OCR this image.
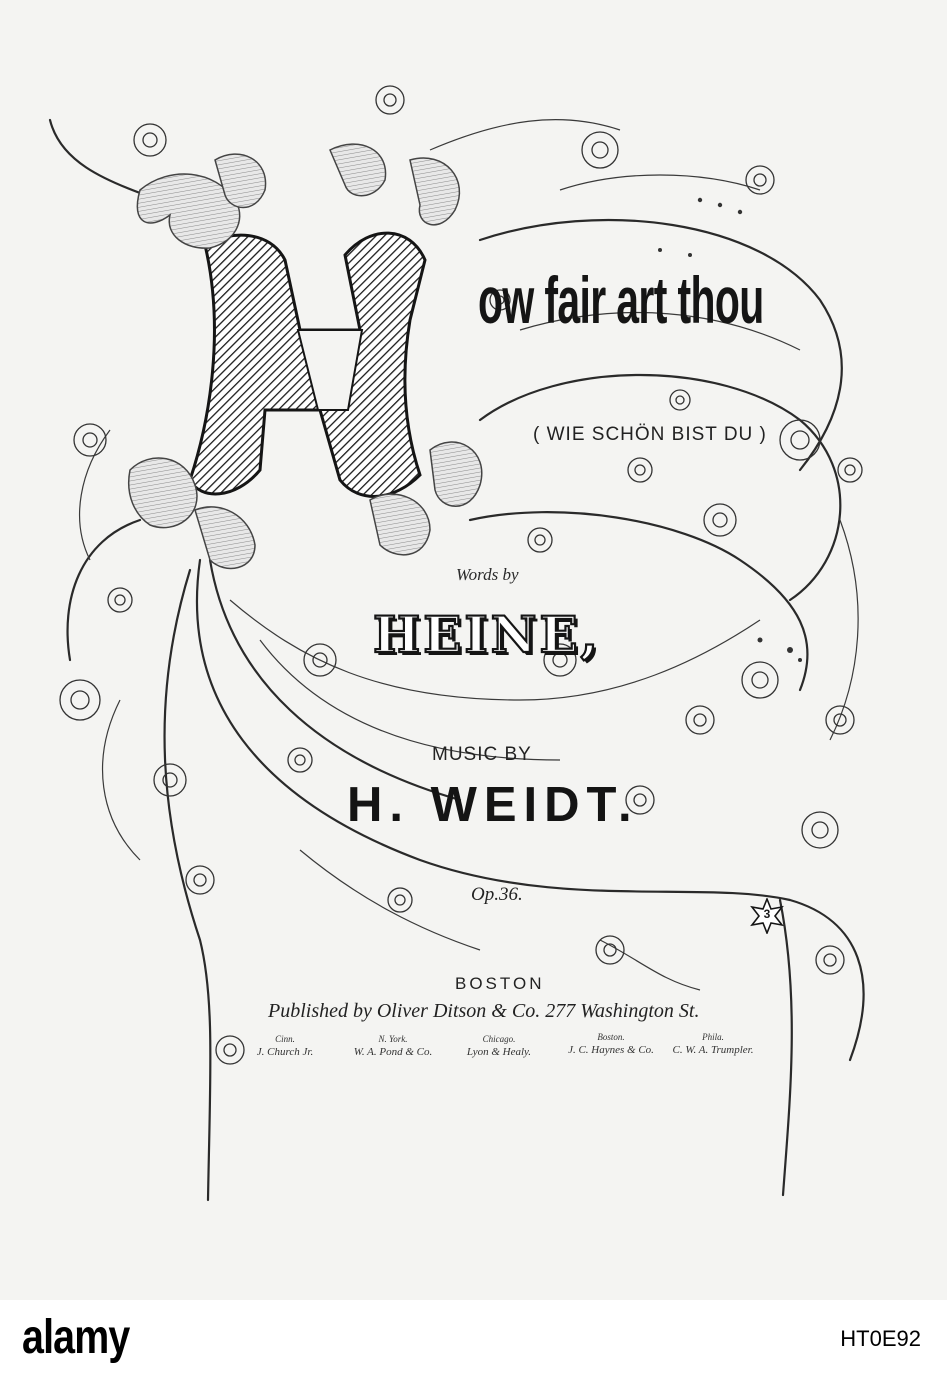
ow fair art thou
( WIE SCHÖN BIST DU )
Words by
HEINE,
MUSIC BY
H. WEIDT.
Op.36.
3
BOSTON
Published by Oliver Ditson & Co. 277 Washington St.
Cinn.
J. Church Jr.
N. York.
W. A. Pond & Co.
Chicago.
Lyon & Healy.
Boston.
J. C. Haynes & Co.
Phila.
C. W. A. Trumpler.
alamy	HT0E92
